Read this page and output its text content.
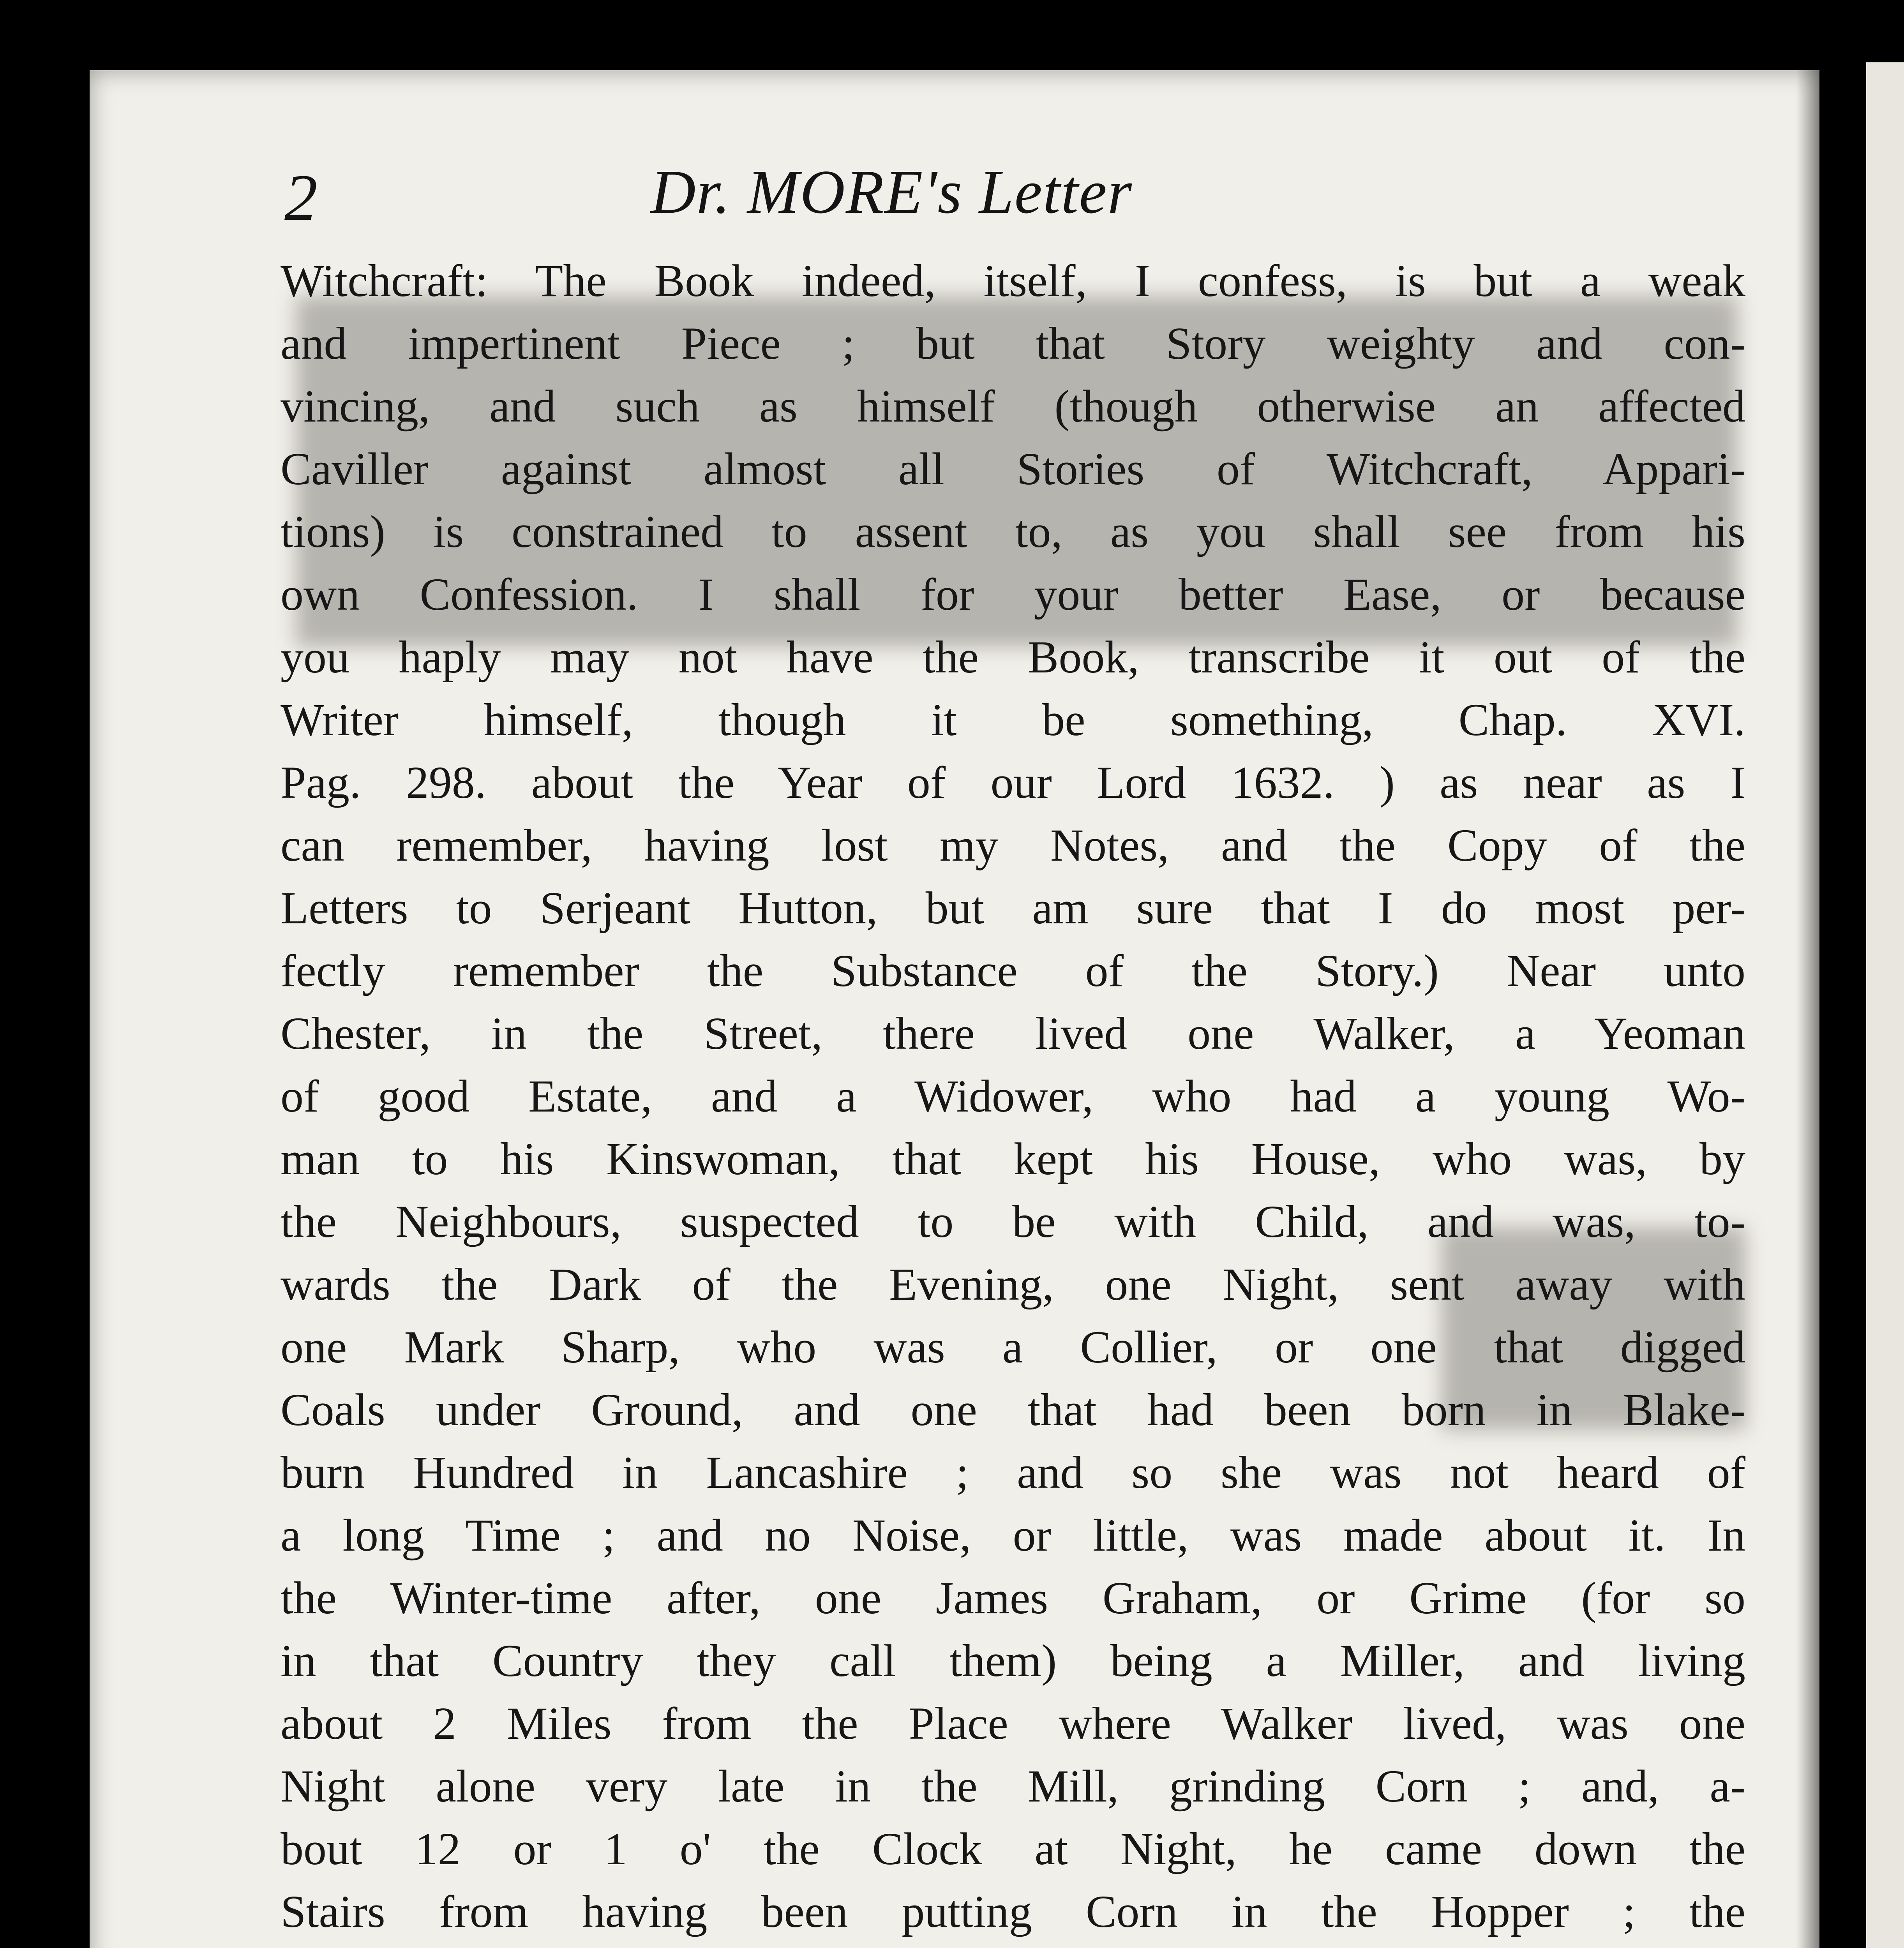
2	Dr. MORE's Letter
Witchcraft: The Book indeed, itself, I confess, is but a weak
and impertinent Piece ; but that Story weighty and con-
vincing, and such as himself (though otherwise an affected
Caviller against almost all Stories of Witchcraft, Appari-
tions) is constrained to assent to, as you shall see from his
own Confession. I shall for your better Ease, or because
you haply may not have the Book, transcribe it out of the
Writer himself, though it be something, Chap. XVI.
Pag. 298. about the Year of our Lord 1632. ) as near as I
can remember, having lost my Notes, and the Copy of the
Letters to Serjeant Hutton, but am sure that I do most per-
fectly remember the Substance of the Story.) Near unto
Chester, in the Street, there lived one Walker, a Yeoman
of good Estate, and a Widower, who had a young Wo-
man to his Kinswoman, that kept his House, who was, by
the Neighbours, suspected to be with Child, and was, to-
wards the Dark of the Evening, one Night, sent away with
one Mark Sharp, who was a Collier, or one that digged
Coals under Ground, and one that had been born in Blake-
burn Hundred in Lancashire ; and so she was not heard of
a long Time ; and no Noise, or little, was made about it. In
the Winter-time after, one James Graham, or Grime (for so
in that Country they call them) being a Miller, and living
about 2 Miles from the Place where Walker lived, was one
Night alone very late in the Mill, grinding Corn ; and, a-
bout 12 or 1 o' the Clock at Night, he came down the
Stairs from having been putting Corn in the Hopper ; the
